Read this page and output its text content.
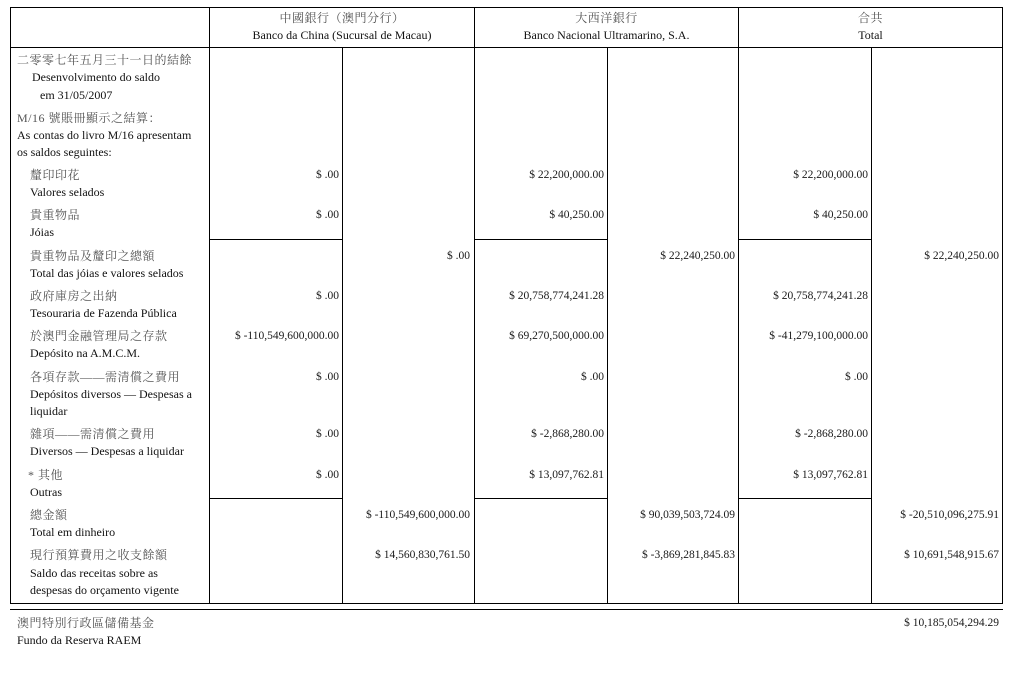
中國銀行（澳門分行）
Banco da China (Sucursal de Macau)
大西洋銀行
Banco Nacional Ultramarino, S.A.
合共
Total
二零零七年五月三十一日的結餘
Desenvolvimento do saldo
em 31/05/2007
M/16 號賬冊顯示之結算：
As contas do livro M/16 apresentam
os saldos seguintes:
釐印印花
Valores selados
$ .00	$ 22,200,000.00	$ 22,200,000.00
貴重物品
Jóias
$ .00	$ 40,250.00	$ 40,250.00
貴重物品及釐印之總額
Total das jóias e valores selados
$ .00	$ 22,240,250.00	$ 22,240,250.00
政府庫房之出納
Tesouraria de Fazenda Pública
$ .00	$ 20,758,774,241.28	$ 20,758,774,241.28
於澳門金融管理局之存款
Depósito na A.M.C.M.
$ -110,549,600,000.00	$ 69,270,500,000.00	$ -41,279,100,000.00
各項存款——需清償之費用
Depósitos diversos — Despesas a
liquidar
$ .00	$ .00	$ .00
雜項——需清償之費用
Diversos — Despesas a liquidar
$ .00	$ -2,868,280.00	$ -2,868,280.00
* 其他
Outras
$ .00	$ 13,097,762.81	$ 13,097,762.81
總金額
Total em dinheiro
$ -110,549,600,000.00	$ 90,039,503,724.09	$ -20,510,096,275.91
現行預算費用之收支餘額
Saldo das receitas sobre as
despesas do orçamento vigente
$ 14,560,830,761.50	$ -3,869,281,845.83	$ 10,691,548,915.67
澳門特別行政區儲備基金
Fundo da Reserva RAEM
$ 10,185,054,294.29
